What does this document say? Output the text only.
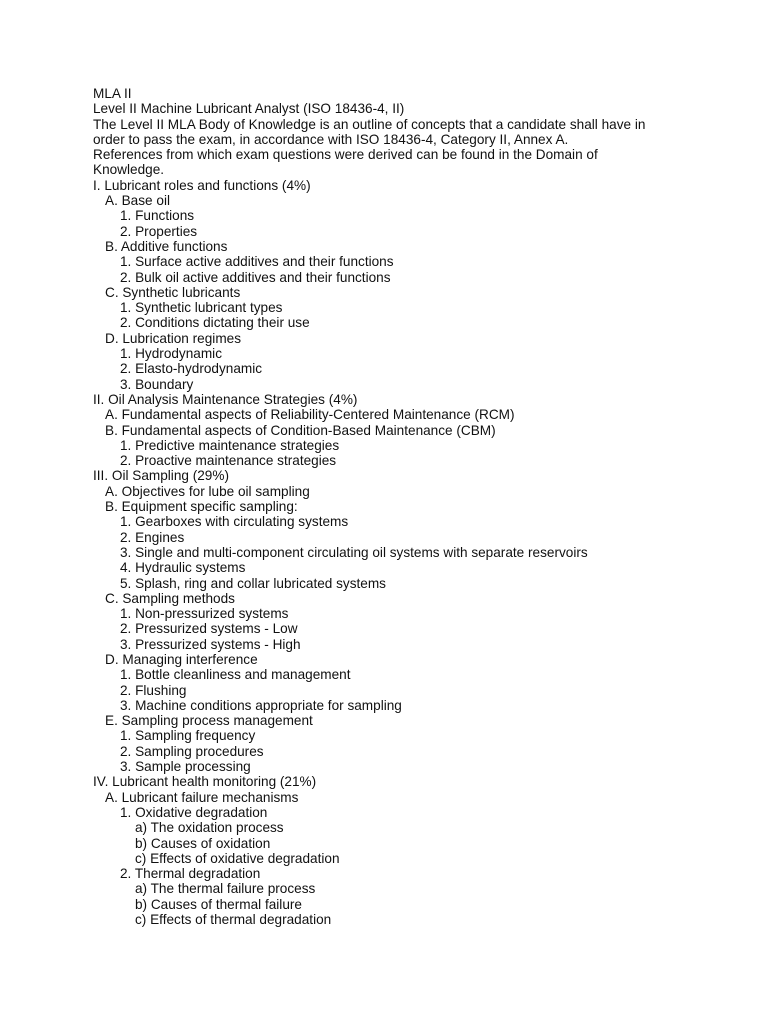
MLA II
Level II Machine Lubricant Analyst (ISO 18436-4, II)
The Level II MLA Body of Knowledge is an outline of concepts that a candidate shall have in
order to pass the exam, in accordance with ISO 18436-4, Category II, Annex A.
References from which exam questions were derived can be found in the Domain of
Knowledge.
I. Lubricant roles and functions (4%)
A. Base oil
1. Functions
2. Properties
B. Additive functions
1. Surface active additives and their functions
2. Bulk oil active additives and their functions
C. Synthetic lubricants
1. Synthetic lubricant types
2. Conditions dictating their use
D. Lubrication regimes
1. Hydrodynamic
2. Elasto-hydrodynamic
3. Boundary
II. Oil Analysis Maintenance Strategies (4%)
A. Fundamental aspects of Reliability-Centered Maintenance (RCM)
B. Fundamental aspects of Condition-Based Maintenance (CBM)
1. Predictive maintenance strategies
2. Proactive maintenance strategies
III. Oil Sampling (29%)
A. Objectives for lube oil sampling
B. Equipment specific sampling:
1. Gearboxes with circulating systems
2. Engines
3. Single and multi-component circulating oil systems with separate reservoirs
4. Hydraulic systems
5. Splash, ring and collar lubricated systems
C. Sampling methods
1. Non-pressurized systems
2. Pressurized systems - Low
3. Pressurized systems - High
D. Managing interference
1. Bottle cleanliness and management
2. Flushing
3. Machine conditions appropriate for sampling
E. Sampling process management
1. Sampling frequency
2. Sampling procedures
3. Sample processing
IV. Lubricant health monitoring (21%)
A. Lubricant failure mechanisms
1. Oxidative degradation
a) The oxidation process
b) Causes of oxidation
c) Effects of oxidative degradation
2. Thermal degradation
a) The thermal failure process
b) Causes of thermal failure
c) Effects of thermal degradation
